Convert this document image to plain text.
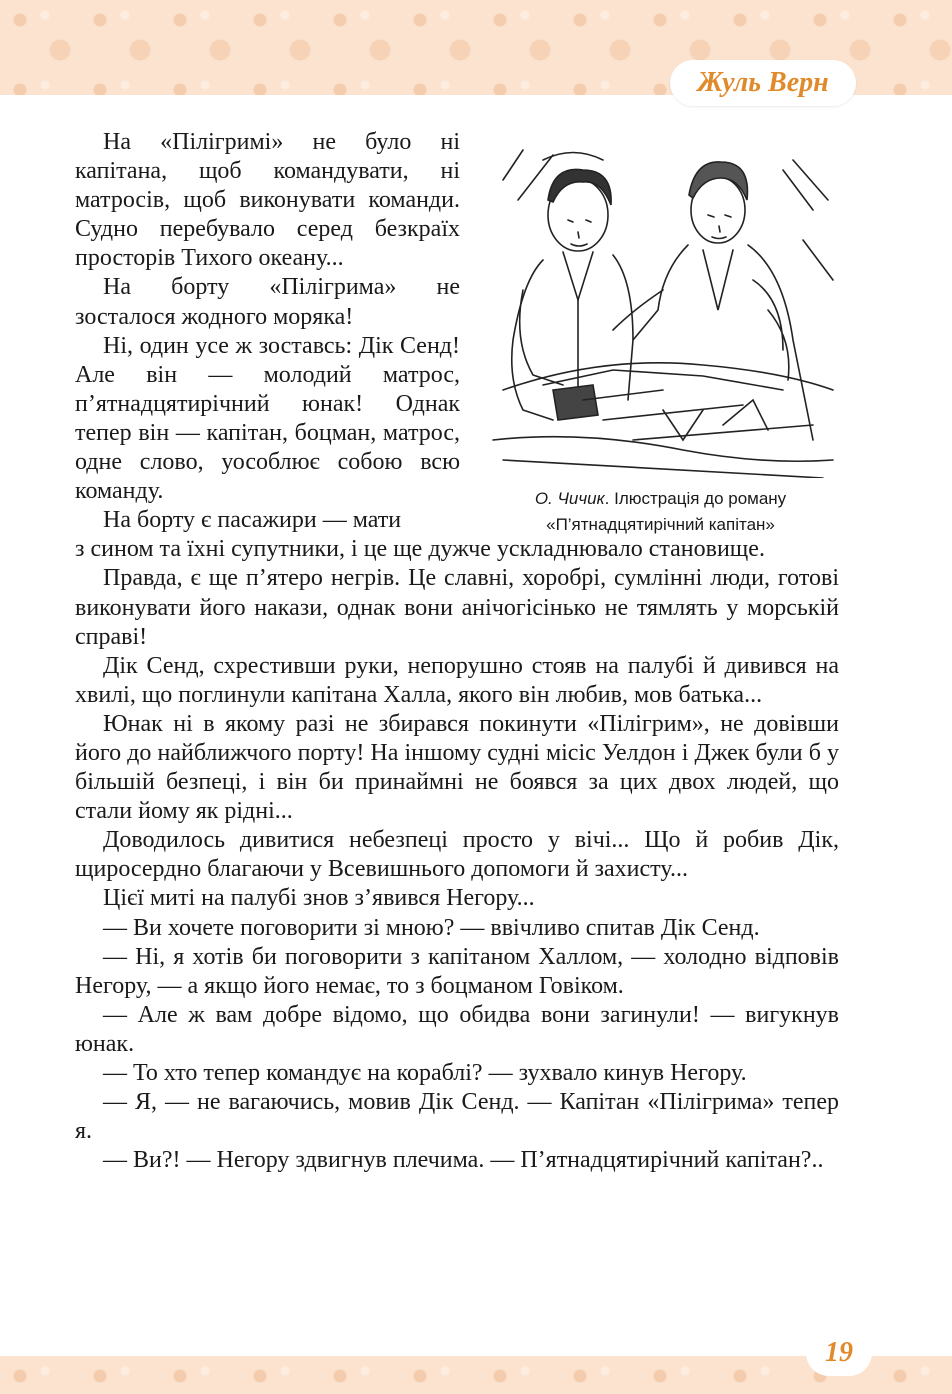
Жуль Верн
О. Чичик. Ілюстрація до роману
«П’ятнадцятирічний капітан»

На «Пілігримі» не було ні капітана, щоб командувати, ні матросів, щоб виконувати команди. Судно перебувало серед безкраїх просторів Тихого океану...

На борту «Пілігрима» не зосталося жодного моряка!

Ні, один усе ж зоставсь: Дік Сенд! Але він — молодий матрос, п’ятнадцятирічний юнак! Однак тепер він — капітан, боцман, матрос, одне слово, уособлює собою всю команду.

На борту є пасажири — мати

з сином та їхні супутники, і це ще дужче ускладнювало становище.

Правда, є ще п’ятеро негрів. Це славні, хоробрі, сумлінні люди, готові виконувати його накази, однак вони анічогісінько не тямлять у морській справі!

Дік Сенд, схрестивши руки, непорушно стояв на палубі й дивився на хвилі, що поглинули капітана Халла, якого він любив, мов батька...

Юнак ні в якому разі не збирався покинути «Пілігрим», не довівши його до найближчого порту! На іншому судні місіс Уелдон і Джек були б у більшій безпеці, і він би принаймні не боявся за цих двох людей, що стали йому як рідні...

Доводилось дивитися небезпеці просто у вічі... Що й робив Дік, щиросердно благаючи у Всевишнього допомоги й захисту...

Цієї миті на палубі знов з’явився Негору...

— Ви хочете поговорити зі мною? — ввічливо спитав Дік Сенд.

— Ні, я хотів би поговорити з капітаном Халлом, — холодно відповів Негору, — а якщо його немає, то з боцманом Говіком.

— Але ж вам добре відомо, що обидва вони загинули! — вигукнув юнак.

— То хто тепер командує на кораблі? — зухвало кинув Негору.

— Я, — не вагаючись, мовив Дік Сенд. — Капітан «Пілігрима» тепер я.

— Ви?! — Негору здвигнув плечима. — П’ятнадцятирічний капітан?..

19
